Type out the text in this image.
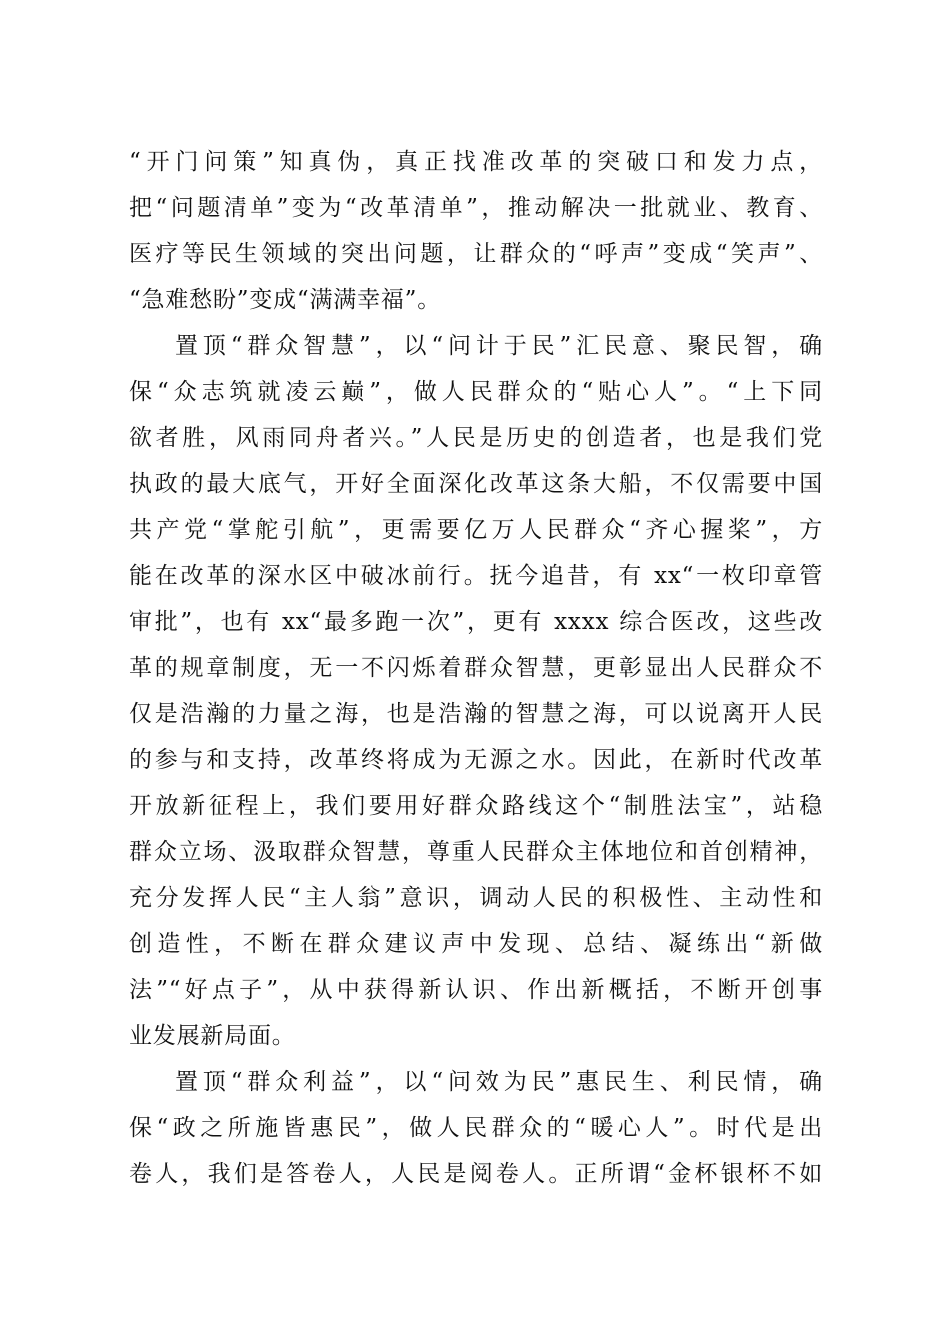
“开门问策”知真伪，真正找准改革的突破口和发力点，
把“问题清单”变为“改革清单”，推动解决一批就业、教育、
医疗等民生领域的突出问题，让群众的“呼声”变成“笑声”、
“急难愁盼”变成“满满幸福”。
置顶“群众智慧”，以“问计于民”汇民意、聚民智，确
保“众志筑就凌云巅”，做人民群众的“贴心人”。“上下同
欲者胜，风雨同舟者兴。”人民是历史的创造者，也是我们党
执政的最大底气，开好全面深化改革这条大船，不仅需要中国
共产党“掌舵引航”，更需要亿万人民群众“齐心握桨”，方
能在改革的深水区中破冰前行。抚今追昔，有 xx“一枚印章管
审批”，也有 xx“最多跑一次”，更有 xxxx 综合医改，这些改
革的规章制度，无一不闪烁着群众智慧，更彰显出人民群众不
仅是浩瀚的力量之海，也是浩瀚的智慧之海，可以说离开人民
的参与和支持，改革终将成为无源之水。因此，在新时代改革
开放新征程上，我们要用好群众路线这个“制胜法宝”，站稳
群众立场、汲取群众智慧，尊重人民群众主体地位和首创精神，
充分发挥人民“主人翁”意识，调动人民的积极性、主动性和
创造性，不断在群众建议声中发现、总结、凝练出“新做
法”“好点子”，从中获得新认识、作出新概括，不断开创事
业发展新局面。
置顶“群众利益”，以“问效为民”惠民生、利民情，确
保“政之所施皆惠民”，做人民群众的“暖心人”。时代是出
卷人，我们是答卷人，人民是阅卷人。正所谓“金杯银杯不如
